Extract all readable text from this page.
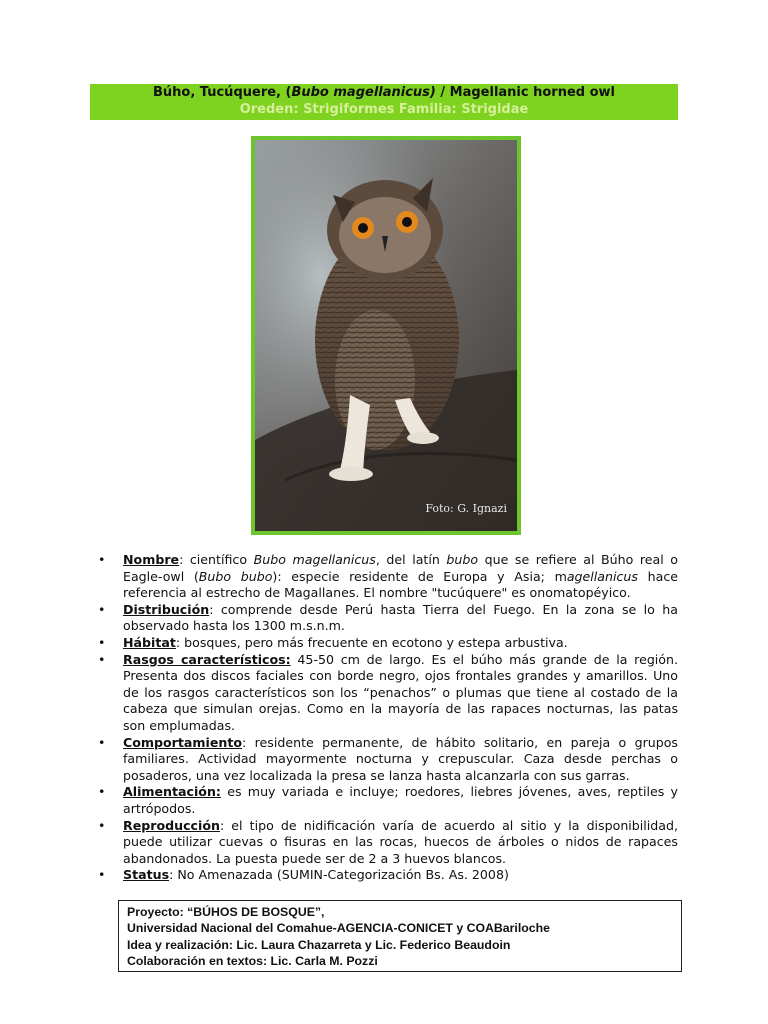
Búho, Tucúquere, (Bubo magellanicus) / Magellanic horned owl
Oreden: Strigiformes Familia: Strigidae
Foto: G. Ignazi
• Nombre: científico Bubo magellanicus, del latín bubo que se refiere al Búho real o Eagle-owl (Bubo bubo): especie residente de Europa y Asia; magellanicus hace referencia al estrecho de Magallanes. El nombre "tucúquere" es onomatopéyico.
• Distribución: comprende desde Perú hasta Tierra del Fuego. En la zona se lo ha observado hasta los 1300 m.s.n.m.
• Hábitat: bosques, pero más frecuente en ecotono y estepa arbustiva.
• Rasgos característicos: 45-50 cm de largo. Es el búho más grande de la región. Presenta dos discos faciales con borde negro, ojos frontales grandes y amarillos. Uno de los rasgos característicos son los “penachos” o plumas que tiene al costado de la cabeza que simulan orejas. Como en la mayoría de las rapaces nocturnas, las patas son emplumadas.
• Comportamiento: residente permanente, de hábito solitario, en pareja o grupos familiares. Actividad mayormente nocturna y crepuscular. Caza desde perchas o posaderos, una vez localizada la presa se lanza hasta alcanzarla con sus garras.
• Alimentación: es muy variada e incluye; roedores, liebres jóvenes, aves, reptiles y artrópodos.
• Reproducción: el tipo de nidificación varía de acuerdo al sitio y la disponibilidad, puede utilizar cuevas o fisuras en las rocas, huecos de árboles o nidos de rapaces abandonados. La puesta puede ser de 2 a 3 huevos blancos.
• Status: No Amenazada (SUMIN-Categorización Bs. As. 2008)
Proyecto: “BÚHOS DE BOSQUE”,
Universidad Nacional del Comahue-AGENCIA-CONICET y COABariloche
Idea y realización: Lic. Laura Chazarreta y Lic. Federico Beaudoin
Colaboración en textos: Lic. Carla M. Pozzi
